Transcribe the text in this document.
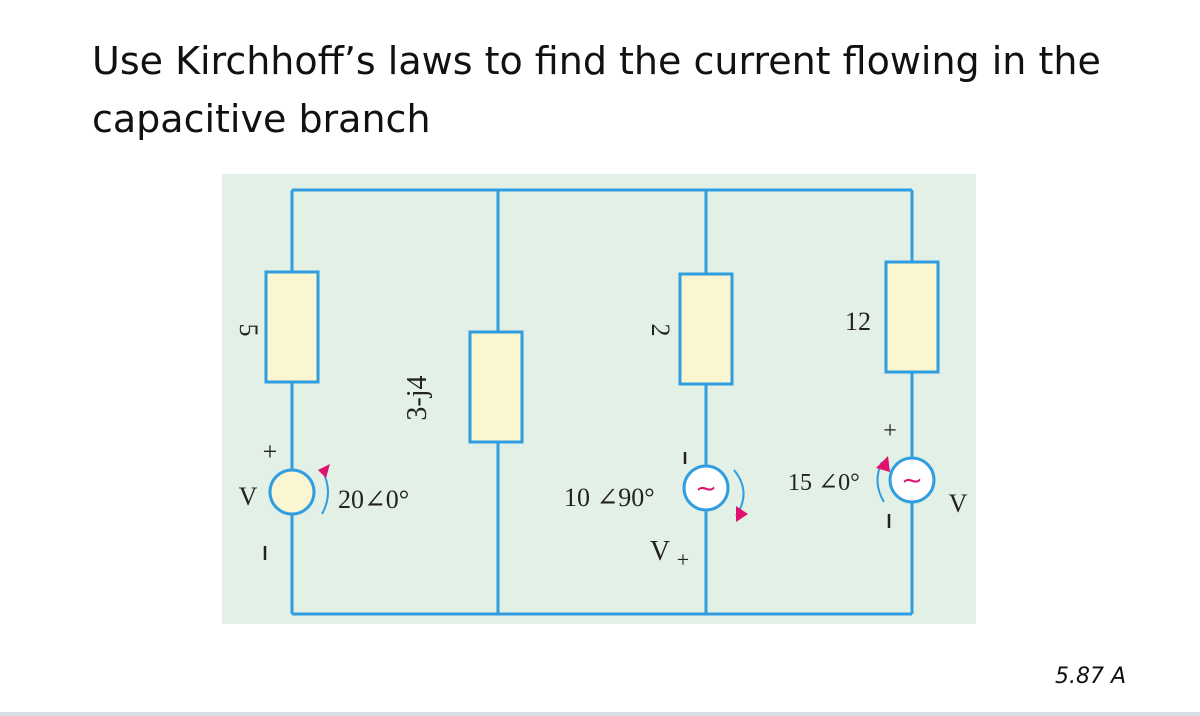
Use Kirchhoff’s laws to find the current flowing in the
capacitive branch

+
V	20∠0°	∼
+
V
10 ∠90°
∼
+
V
15 ∠0°
5
3-j4
2	12
5.87 A
